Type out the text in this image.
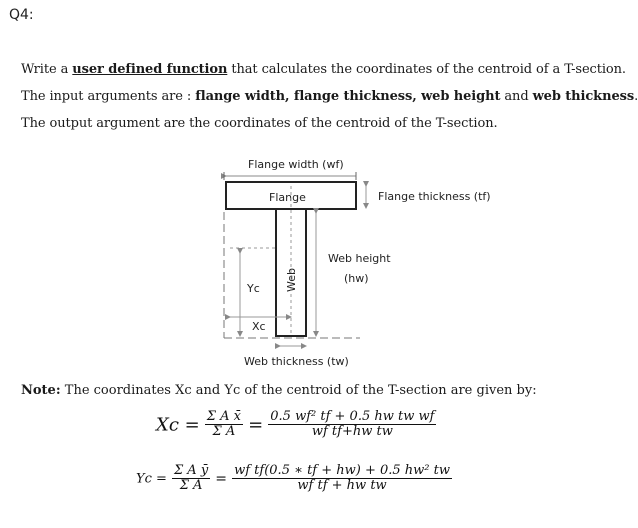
Q4:
Write a user defined function that calculates the coordinates of the centroid of a T-section.
The input arguments are : flange width, flange thickness, web height and web thickness.
The output argument are the coordinates of the centroid of the T-section.
Flange width (wf)
Flange	Flange thickness (tf)
Web
Web height
(hw)
Yc
Xc
Web thickness (tw)
Note: The coordinates Xc and Yc of the centroid of the T-section are given by:
$Xc = \frac{\text{Σ A x̄}}{\text{Σ A}} = \frac{\text{0.5 wf² tf + 0.5 hw tw wf}}{\text{wf tf+hw tw}}$
$Yc = \frac{\text{Σ A ȳ}}{\text{Σ A}} = \frac{\text{wf tf(0.5 ∗ tf + hw) + 0.5 hw² tw}}{\text{wf tf + hw tw}}$
